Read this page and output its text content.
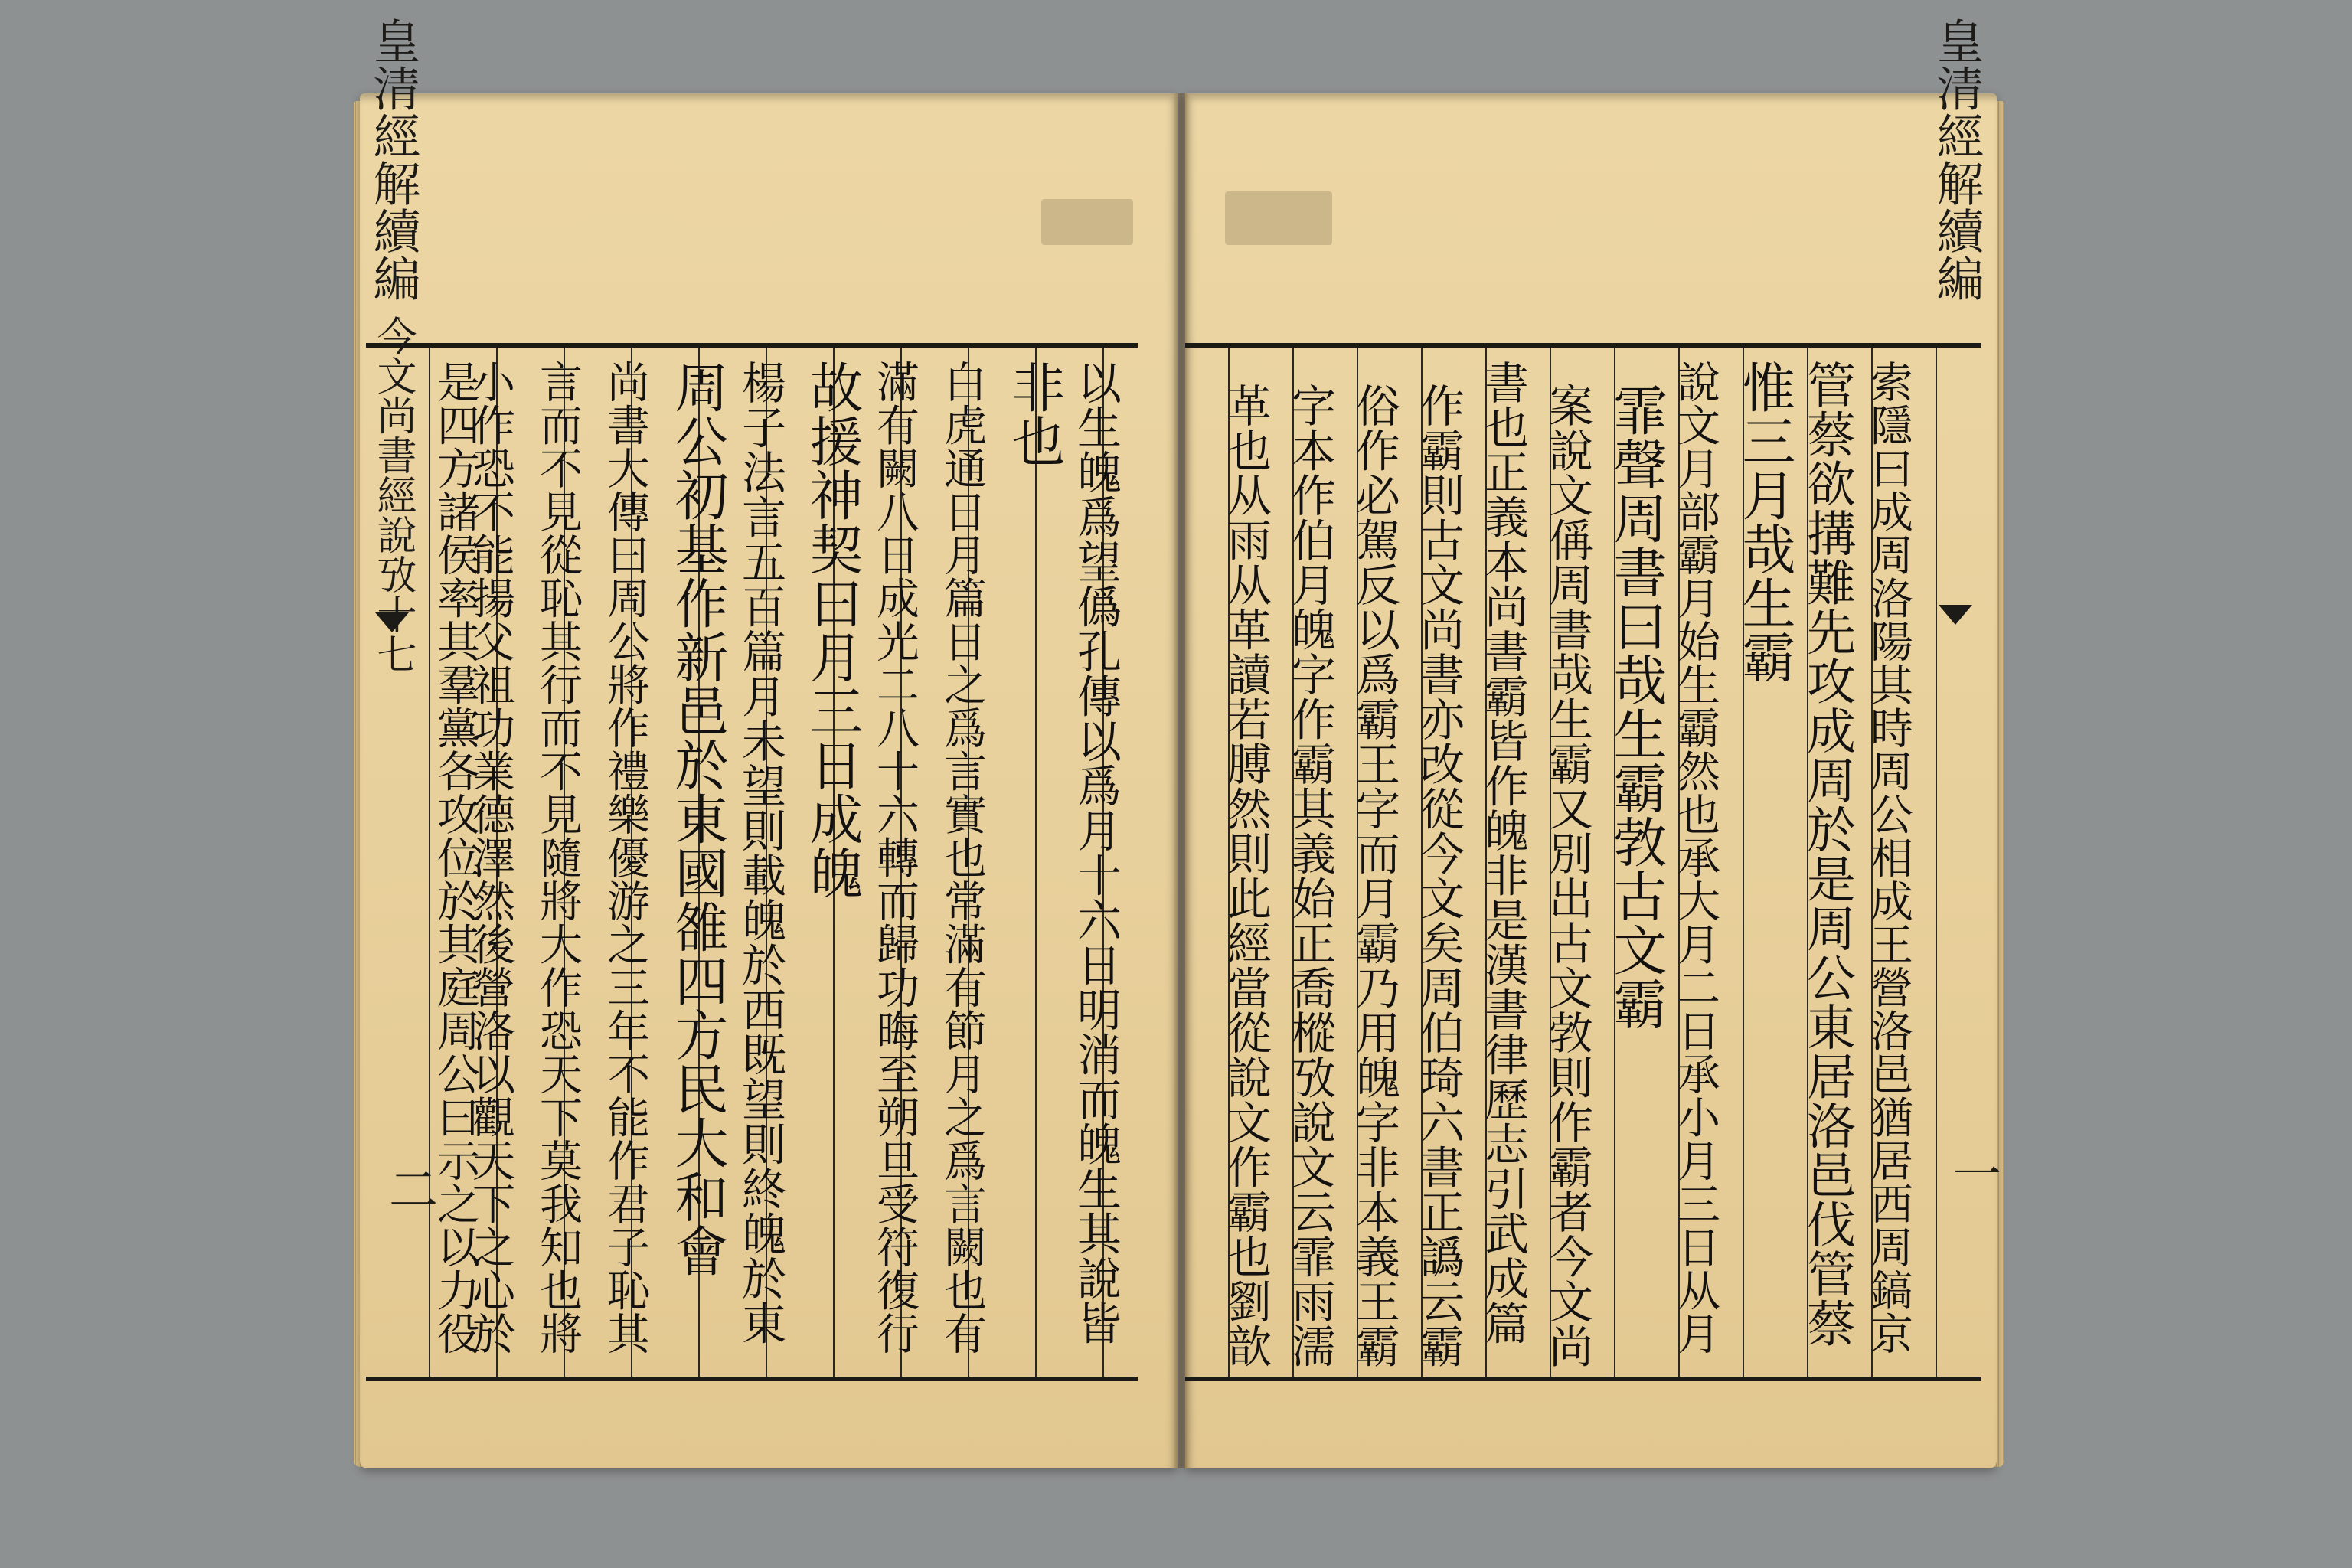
皇清經解續編今文尚書經說攷十七
二	以生魄爲望僞孔傳以爲月十六日明消而魄生其說皆
非也
白虎通日月篇日之爲言實也常滿有節月之爲言闕也有
滿有闕八日成光二八十六轉而歸功晦至朔旦受符復行
故援神契曰月三日成魄
楊子法言五百篇月未望則載魄於西既望則終魄於東
周公初基作新邑於東國雒四方民大和會
尚書大傳曰周公將作禮樂優游之三年不能作君子恥其
言而不見從恥其行而不見隨將大作恐天下莫我知也將
小作恐不能揚父祖功業德澤然後營洛以觀天下之心於
是四方諸侯率其羣黨各攻位於其庭周公曰示之以力役
皇清經解續編
一
索隱曰成周洛陽其時周公相成王營洛邑猶居西周鎬京
管蔡欲搆難先攻成周於是周公東居洛邑伐管蔡
惟三月哉生霸
說文月部霸月始生霸然也承大月二日承小月三日从月
霏聲周書曰哉生霸㪍古文霸
案說文偁周書哉生霸又別出古文㪍則作霸者今文尚
書也正義本尚書霸皆作魄非是漢書律歷志引武成篇
作霸則古文尚書亦改從今文矣周伯琦六書正譌云霸
俗作必駕反以爲霸王字而月霸乃用魄字非本義王霸
字本作伯月魄字作霸其義始正喬樅攷說文云霏雨濡
革也从雨从革讀若膊然則此經當從說文作霸也劉歆
